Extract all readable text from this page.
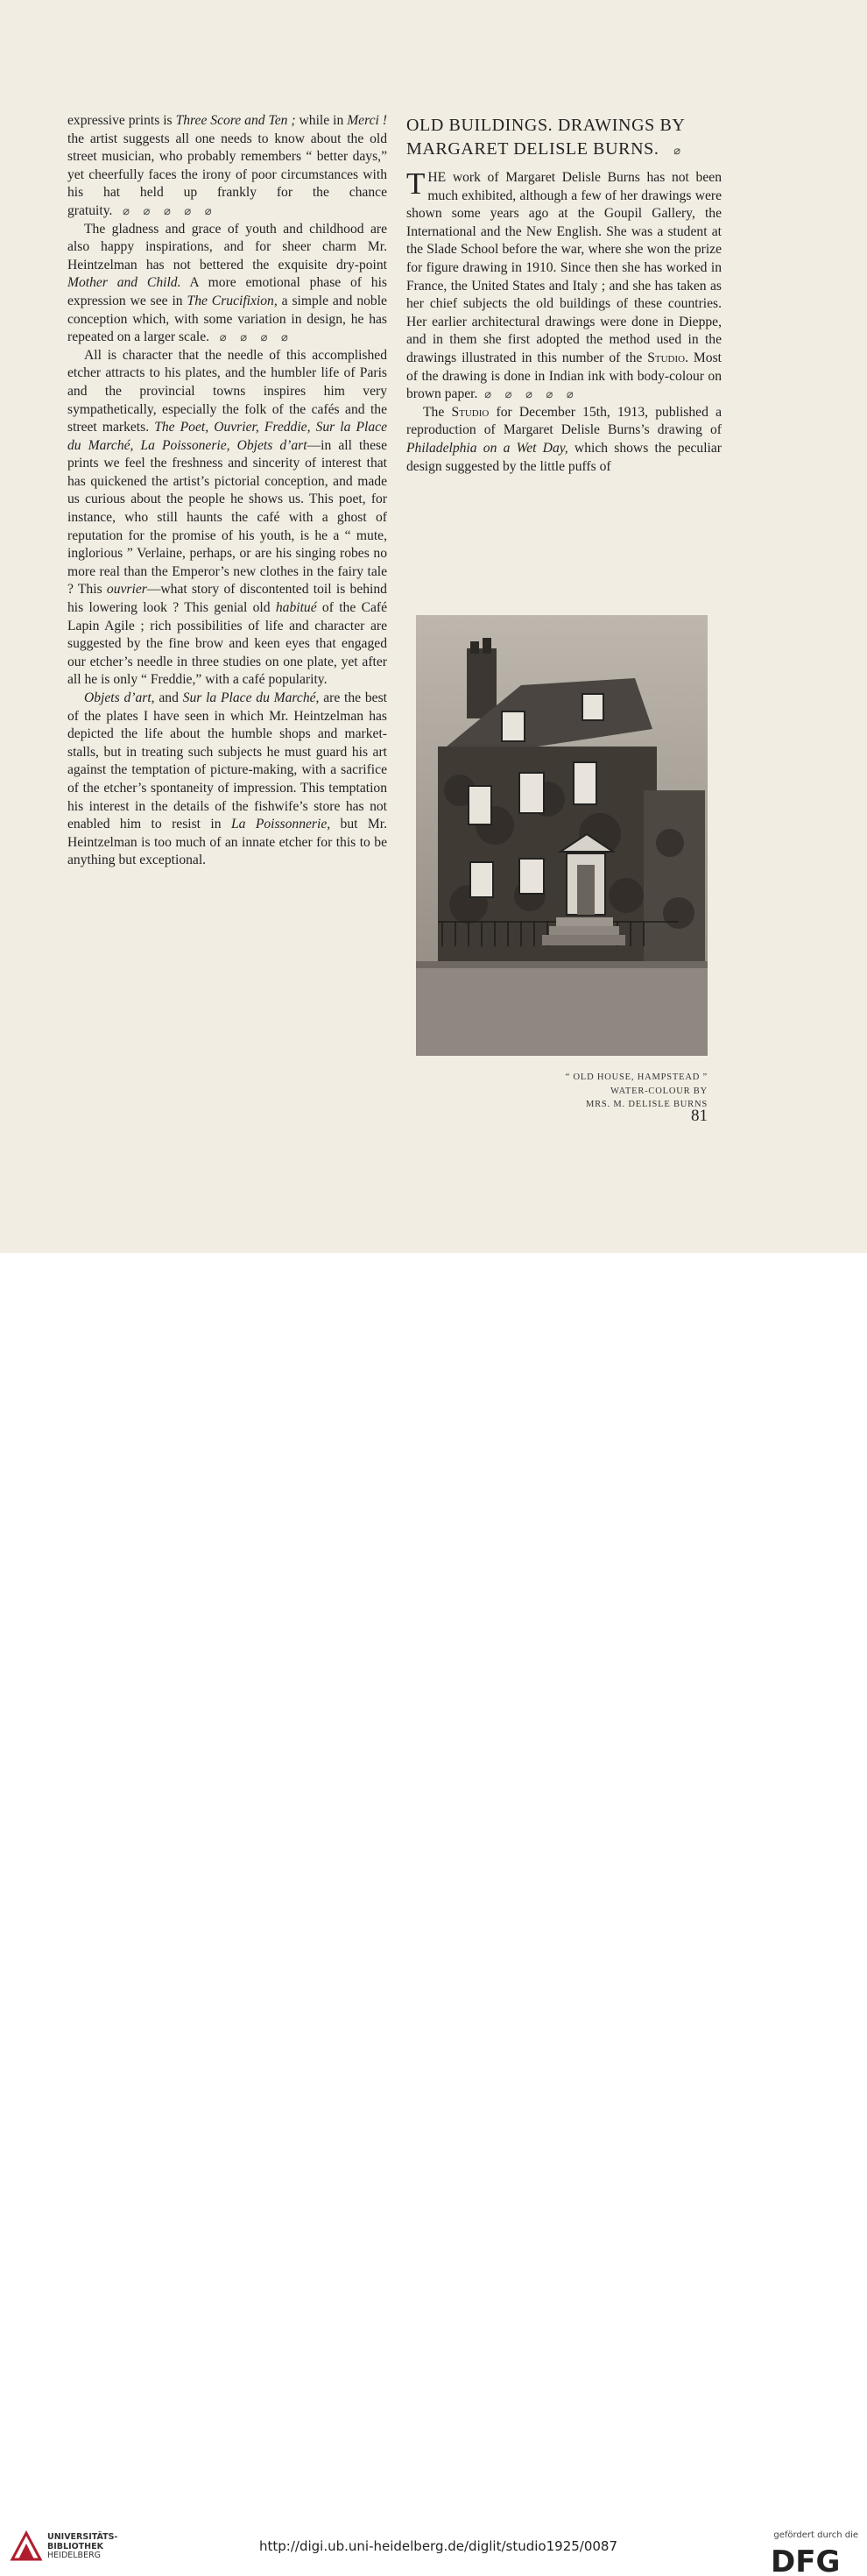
expressive prints is Three Score and Ten ; while in Merci ! the artist suggests all one needs to know about the old street musician, who probably remembers “ better days,” yet cheerfully faces the irony of poor circumstances with his hat held up frankly for the chance gratuity. ⌀ ⌀ ⌀ ⌀ ⌀

The gladness and grace of youth and childhood are also happy inspirations, and for sheer charm Mr. Heintzelman has not bettered the exquisite dry-point Mother and Child. A more emotional phase of his expression we see in The Crucifixion, a simple and noble conception which, with some variation in design, he has repeated on a larger scale. ⌀ ⌀ ⌀ ⌀

All is character that the needle of this accomplished etcher attracts to his plates, and the humbler life of Paris and the provincial towns inspires him very sympathetically, especially the folk of the cafés and the street markets. The Poet, Ouvrier, Freddie, Sur la Place du Marché, La Poissonerie, Objets d’art—in all these prints we feel the freshness and sincerity of interest that has quickened the artist’s pictorial conception, and made us curious about the people he shows us. This poet, for instance, who still haunts the café with a ghost of reputation for the promise of his youth, is he a “ mute, inglorious ” Verlaine, perhaps, or are his singing robes no more real than the Emperor’s new clothes in the fairy tale ? This ouvrier—what story of discontented toil is behind his lowering look ? This genial old habitué of the Café Lapin Agile ; rich possibilities of life and character are suggested by the fine brow and keen eyes that engaged our etcher’s needle in three studies on one plate, yet after all he is only “ Freddie,” with a café popularity.

Objets d’art, and Sur la Place du Marché, are the best of the plates I have seen in which Mr. Heintzelman has depicted the life about the humble shops and market-stalls, but in treating such subjects he must guard his art against the temptation of picture-making, with a sacrifice of the etcher’s spontaneity of impression. This temptation his interest in the details of the fishwife’s store has not enabled him to resist in La Poissonnerie, but Mr. Heintzelman is too much of an innate etcher for this to be anything but exceptional.

OLD BUILDINGS. DRAWINGS BY
MARGARET DELISLE BURNS. ⌀

THE work of Margaret Delisle Burns has not been much exhibited, although a few of her drawings were shown some years ago at the Goupil Gallery, the International and the New English. She was a student at the Slade School before the war, where she won the prize for figure drawing in 1910. Since then she has worked in France, the United States and Italy ; and she has taken as her chief subjects the old buildings of these countries. Her earlier architectural drawings were done in Dieppe, and in them she first adopted the method used in the drawings illustrated in this number of the Studio. Most of the drawing is done in Indian ink with body-colour on brown paper. ⌀ ⌀ ⌀ ⌀ ⌀

The Studio for December 15th, 1913, published a reproduction of Margaret Delisle Burns’s drawing of Philadelphia on a Wet Day, which shows the peculiar design suggested by the little puffs of

“ OLD HOUSE, HAMPSTEAD ”
WATER-COLOUR BY
MRS. M. DELISLE BURNS
81
UNIVERSITÄTS-
BIBLIOTHEK
HEIDELBERG
http://digi.ub.uni-heidelberg.de/diglit/studio1925/0087
gefördert durch die
DFG
